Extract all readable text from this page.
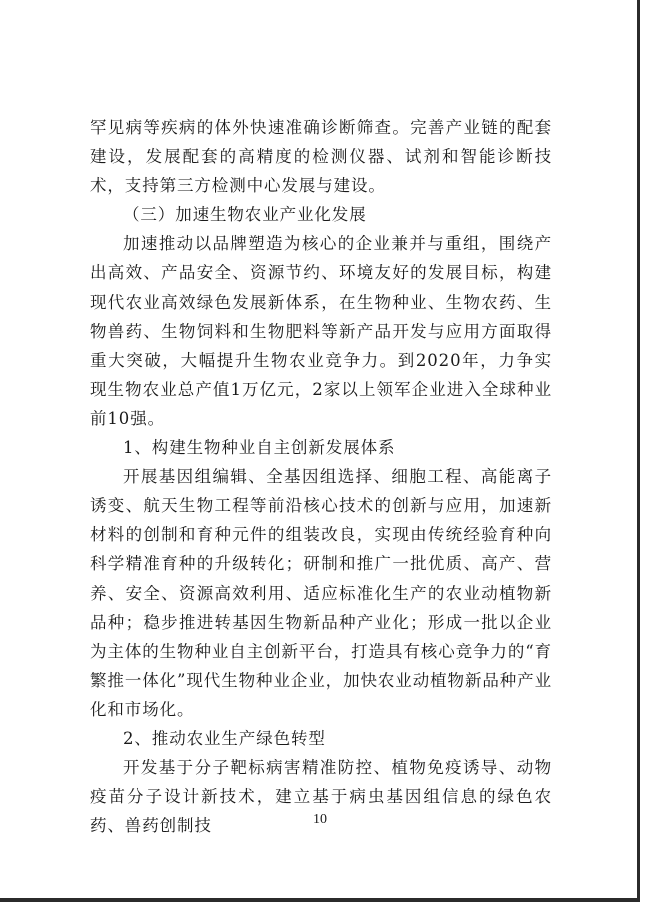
罕见病等疾病的体外快速准确诊断筛查。完善产业链的配套建设，发展配套的高精度的检测仪器、试剂和智能诊断技术，支持第三方检测中心发展与建设。

（三）加速生物农业产业化发展

加速推动以品牌塑造为核心的企业兼并与重组，围绕产出高效、产品安全、资源节约、环境友好的发展目标，构建现代农业高效绿色发展新体系，在生物种业、生物农药、生物兽药、生物饲料和生物肥料等新产品开发与应用方面取得重大突破，大幅提升生物农业竞争力。到2020年，力争实现生物农业总产值1万亿元，2家以上领军企业进入全球种业前10强。

1、构建生物种业自主创新发展体系

开展基因组编辑、全基因组选择、细胞工程、高能离子诱变、航天生物工程等前沿核心技术的创新与应用，加速新材料的创制和育种元件的组装改良，实现由传统经验育种向科学精准育种的升级转化；研制和推广一批优质、高产、营养、安全、资源高效利用、适应标准化生产的农业动植物新品种；稳步推进转基因生物新品种产业化；形成一批以企业为主体的生物种业自主创新平台，打造具有核心竞争力的“育繁推一体化”现代生物种业企业，加快农业动植物新品种产业化和市场化。

2、推动农业生产绿色转型

开发基于分子靶标病害精准防控、植物免疫诱导、动物疫苗分子设计新技术，建立基于病虫基因组信息的绿色农药、兽药创制技	10
